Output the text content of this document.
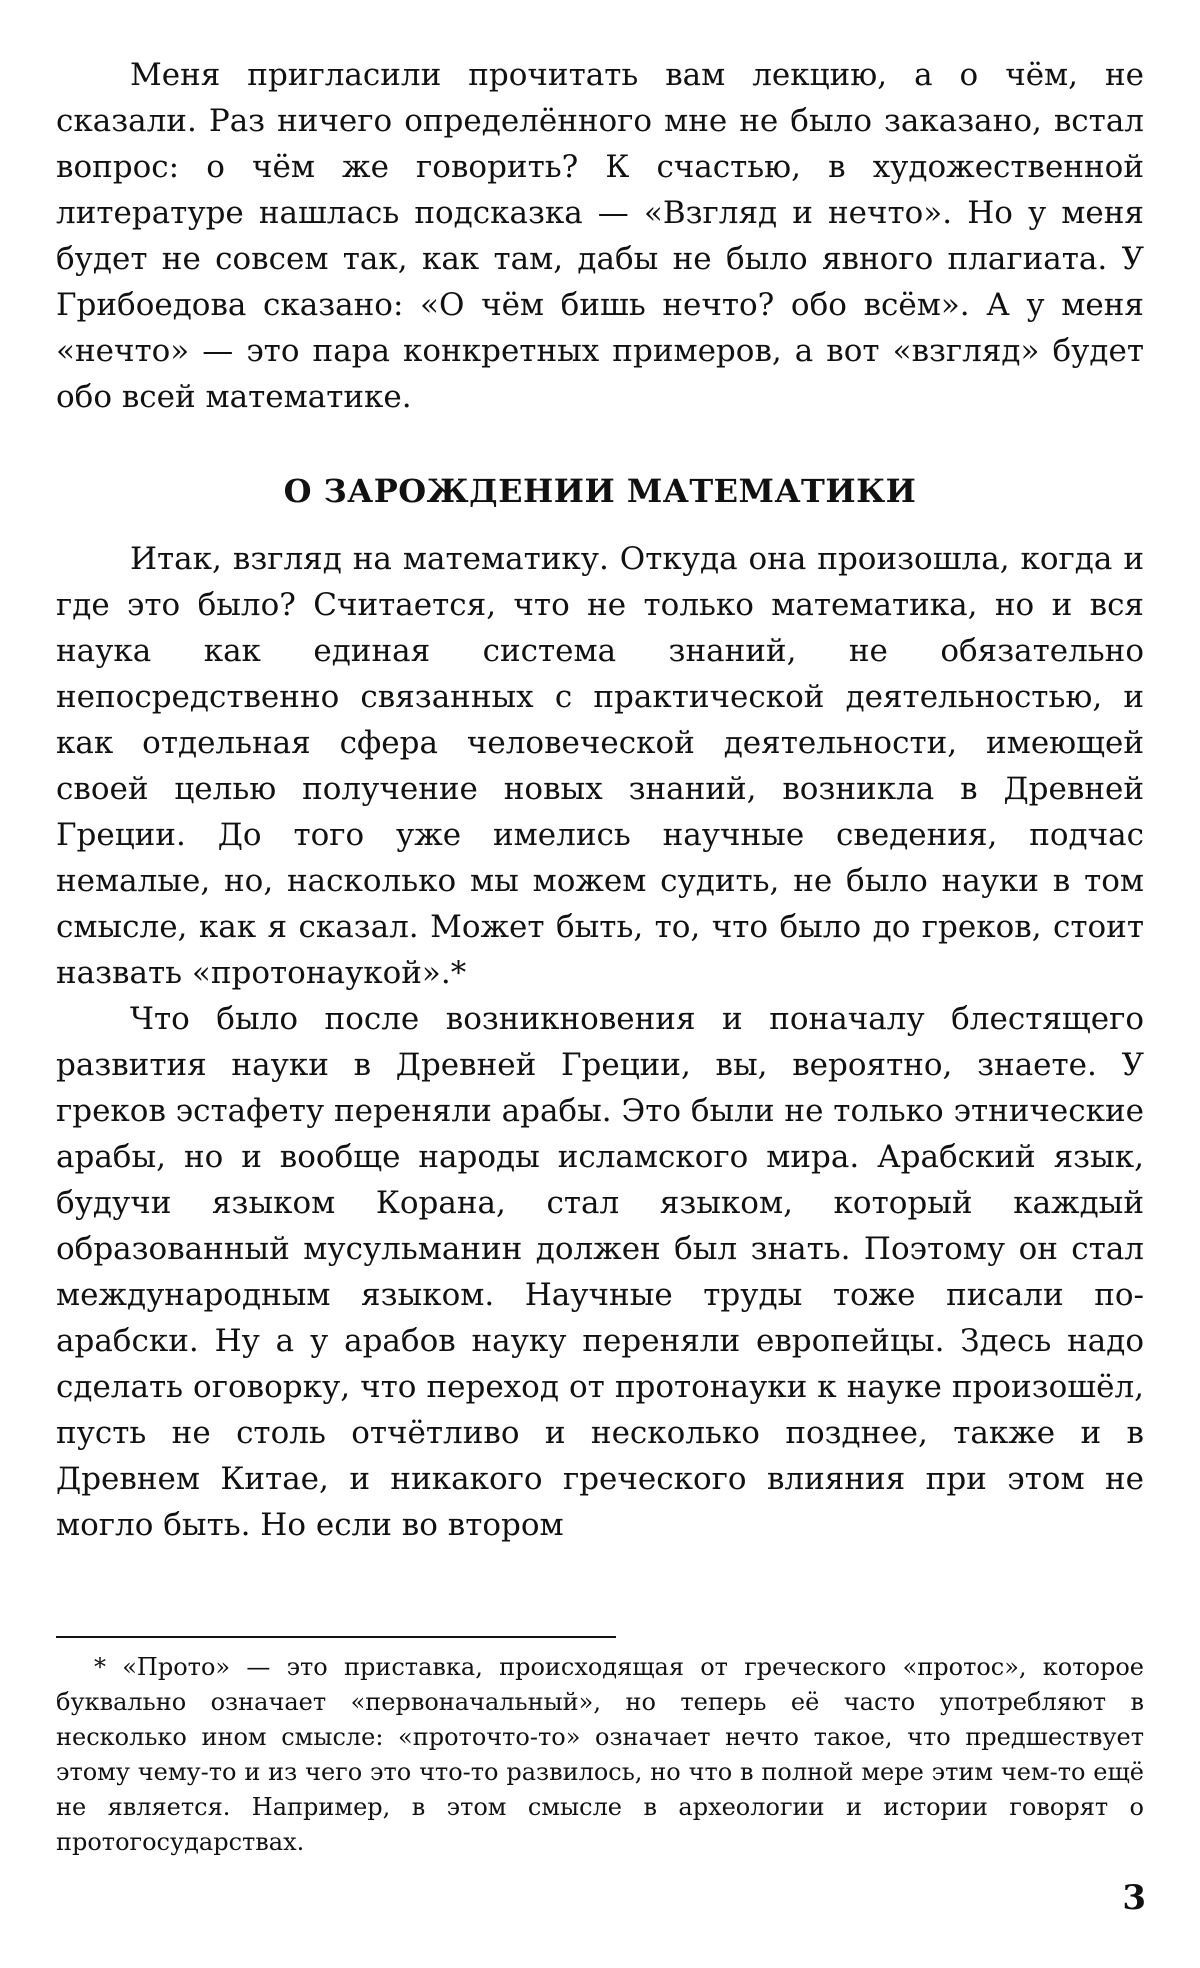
Меня пригласили прочитать вам лекцию, а о чём, не сказали. Раз ничего определённого мне не было заказано, встал вопрос: о чём же говорить? К счастью, в художественной литературе нашлась подсказка — «Взгляд и нечто». Но у меня будет не совсем так, как там, дабы не было явного плагиата. У Грибоедова сказано: «О чём бишь нечто? обо всём». А у меня «нечто» — это пара конкретных примеров, а вот «взгляд» будет обо всей математике.

О ЗАРОЖДЕНИИ МАТЕМАТИКИ

Итак, взгляд на математику. Откуда она произошла, когда и где это было? Считается, что не только математика, но и вся наука как единая система знаний, не обязательно непосредственно связанных с практической деятельностью, и как отдельная сфера человеческой деятельности, имеющей своей целью получение новых знаний, возникла в Древней Греции. До того уже имелись научные сведения, подчас немалые, но, насколько мы можем судить, не было науки в том смысле, как я сказал. Может быть, то, что было до греков, стоит назвать «протонаукой».*

Что было после возникновения и поначалу блестящего развития науки в Древней Греции, вы, вероятно, знаете. У греков эстафету переняли арабы. Это были не только этнические арабы, но и вообще народы исламского мира. Арабский язык, будучи языком Корана, стал языком, который каждый образованный мусульманин должен был знать. Поэтому он стал международным языком. Научные труды тоже писали по-арабски. Ну а у арабов науку переняли европейцы. Здесь надо сделать оговорку, что переход от протонауки к науке произошёл, пусть не столь отчётливо и несколько позднее, также и в Древнем Китае, и никакого греческого влияния при этом не могло быть. Но если во втором

* «Прото» — это приставка, происходящая от греческого «протос», которое буквально означает «первоначальный», но теперь её часто употребляют в несколько ином смысле: «проточто-то» означает нечто такое, что предшествует этому чему-то и из чего это что-то развилось, но что в полной мере этим чем-то ещё не является. Например, в этом смысле в археологии и истории говорят о протогосударствах.

3
